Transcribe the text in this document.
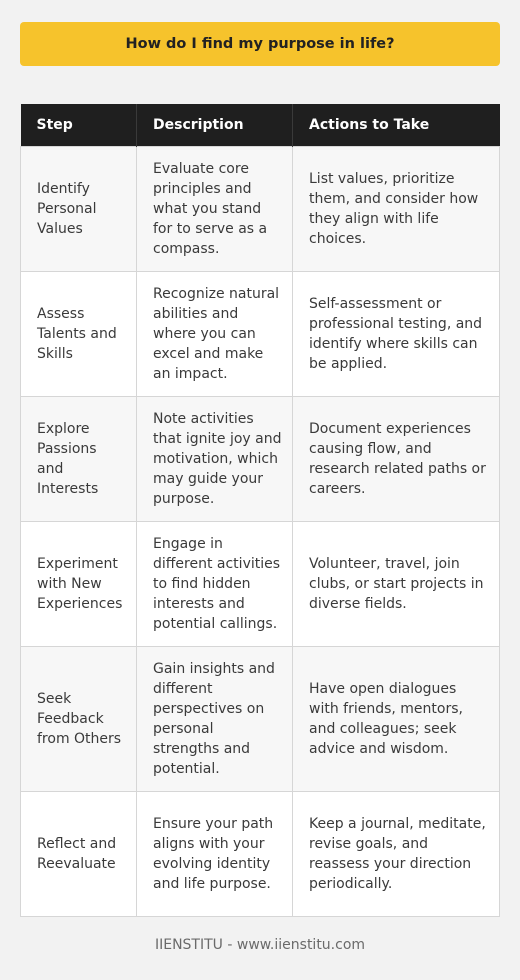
How do I find my purpose in life?
Step	Description	Actions to Take
Identify Personal Values	Evaluate core principles and what you stand for to serve as a compass.	List values, prioritize them, and consider how they align with life choices.
Assess Talents and Skills	Recognize natural abilities and where you can excel and make an impact.	Self-assessment or professional testing, and identify where skills can be applied.
Explore Passions and Interests	Note activities that ignite joy and motivation, which may guide your purpose.	Document experiences causing flow, and research related paths or careers.
Experiment with New Experiences	Engage in different activities to find hidden interests and potential callings.	Volunteer, travel, join clubs, or start projects in diverse fields.
Seek Feedback from Others	Gain insights and different perspectives on personal strengths and potential.	Have open dialogues with friends, mentors, and colleagues; seek advice and wisdom.
Reflect and Reevaluate	Ensure your path aligns with your evolving identity and life purpose.	Keep a journal, meditate, revise goals, and reassess your direction periodically.
IIENSTITU - www.iienstitu.com
